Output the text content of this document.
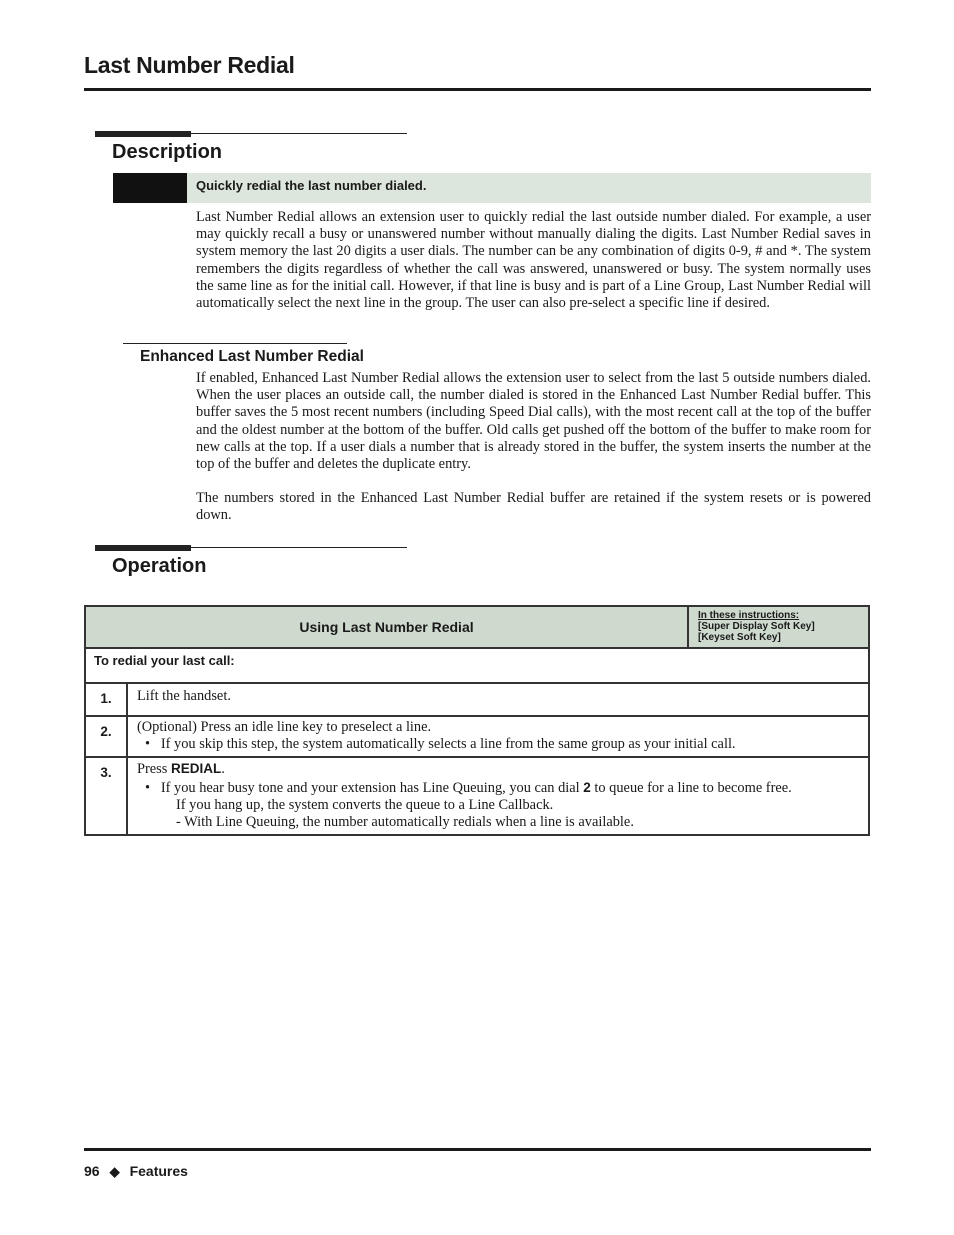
Last Number Redial
Description
Quickly redial the last number dialed.
Last Number Redial allows an extension user to quickly redial the last outside number dialed. For example, a user may quickly recall a busy or unanswered number without manually dialing the digits. Last Number Redial saves in system memory the last 20 digits a user dials. The number can be any combination of digits 0-9, # and *. The system remembers the digits regardless of whether the call was answered, unanswered or busy. The system normally uses the same line as for the initial call. However, if that line is busy and is part of a Line Group, Last Number Redial will automatically select the next line in the group. The user can also pre-select a specific line if desired.
Enhanced Last Number Redial
If enabled, Enhanced Last Number Redial allows the extension user to select from the last 5 outside numbers dialed. When the user places an outside call, the number dialed is stored in the Enhanced Last Number Redial buffer. This buffer saves the 5 most recent numbers (including Speed Dial calls), with the most recent call at the top of the buffer and the oldest number at the bottom of the buffer. Old calls get pushed off the bottom of the buffer to make room for new calls at the top. If a user dials a number that is already stored in the buffer, the system inserts the number at the top of the buffer and deletes the duplicate entry.
The numbers stored in the Enhanced Last Number Redial buffer are retained if the system resets or is powered down.
Operation
Using Last Number Redial		In these instructions:
[Super Display Soft Key]
[Keyset Soft Key]

To redial your last call:		
1.	Lift the handset.	
2.	(Optional) Press an idle line key to preselect a line.
•   If you skip this step, the system automatically selects a line from the same group as your initial call.	

3.	Press REDIAL.
•   If you hear busy tone and your extension has Line Queuing, you can dial 2 to queue for a line to become free.
If you hang up, the system converts the queue to a Line Callback.
- With Line Queuing, the number automatically redials when a line is available.	
96 ◆ Features
